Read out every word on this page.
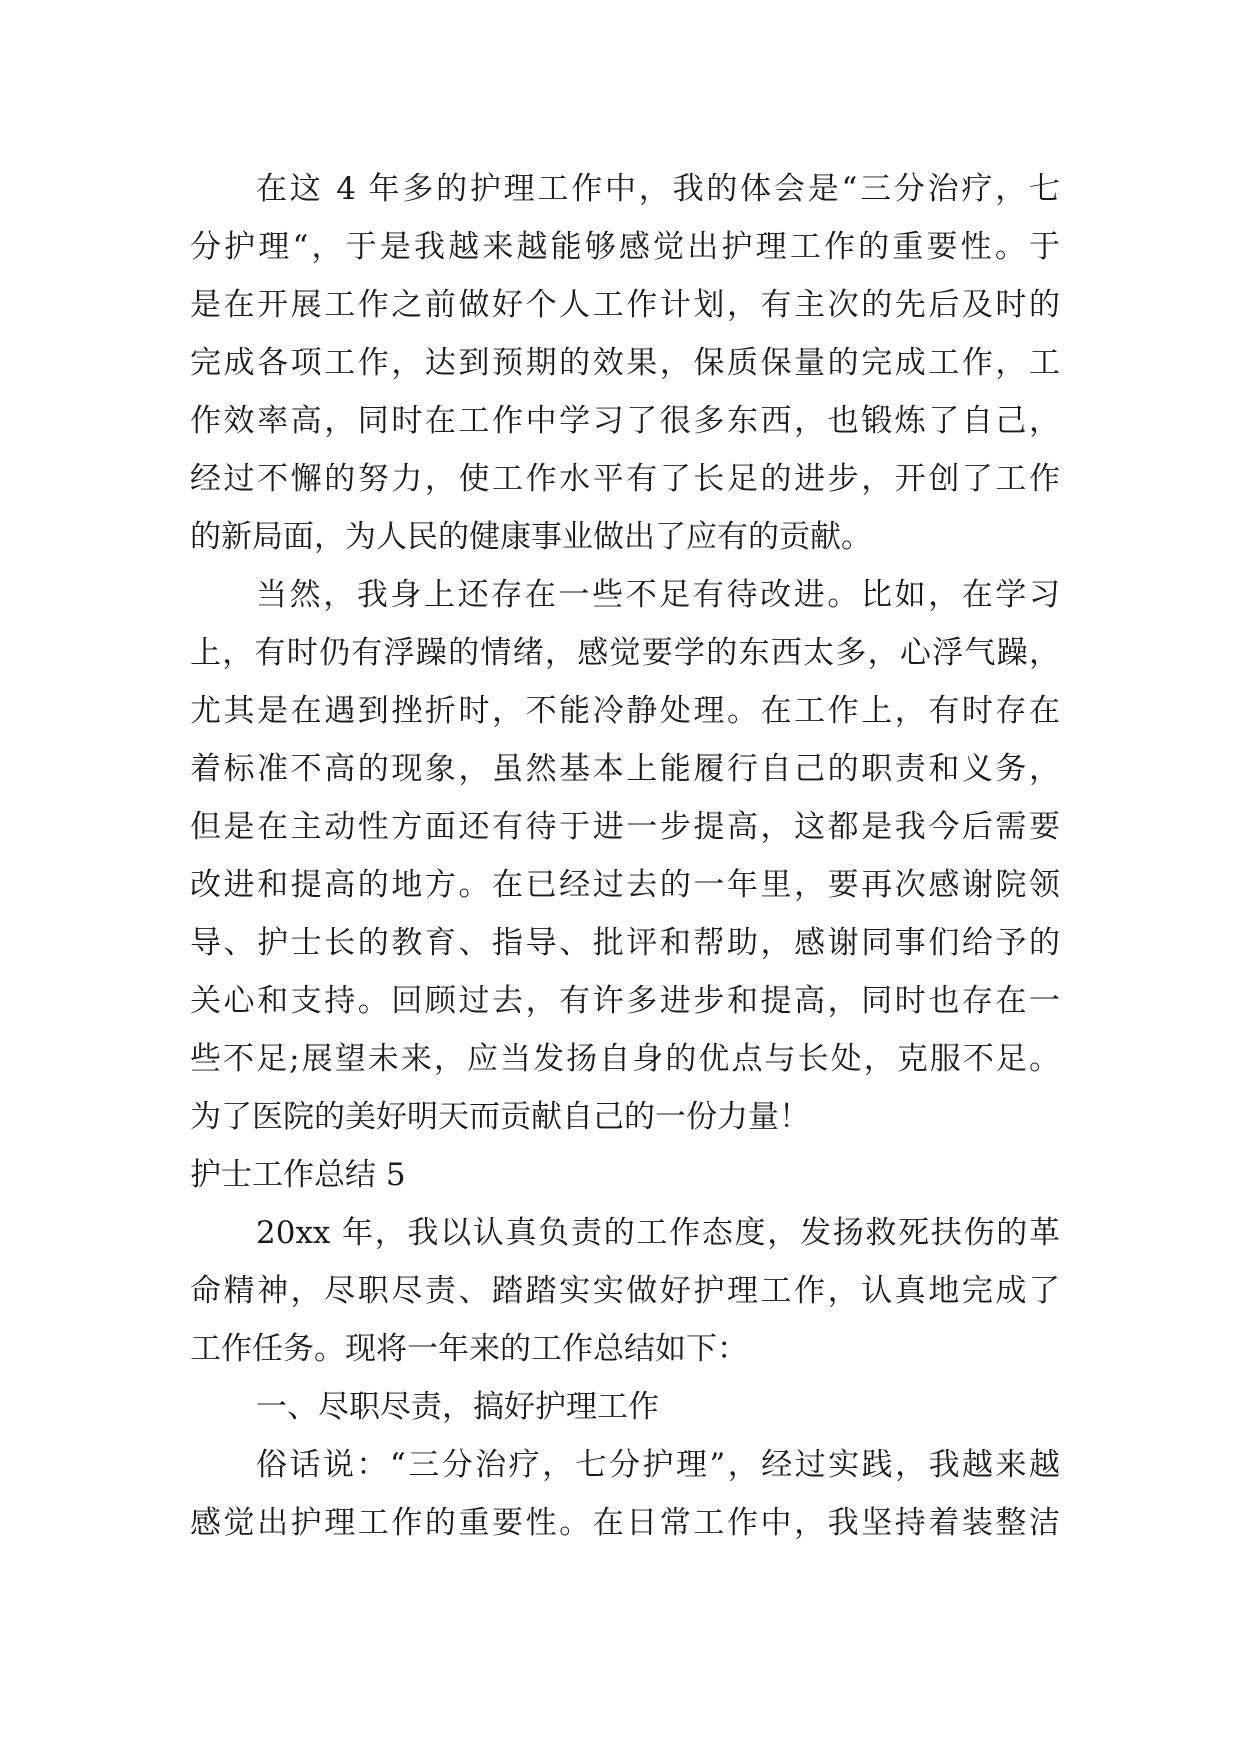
在这 4 年多的护理工作中，我的体会是“三分治疗，七
分护理“，于是我越来越能够感觉出护理工作的重要性。于
是在开展工作之前做好个人工作计划，有主次的先后及时的
完成各项工作，达到预期的效果，保质保量的完成工作，工
作效率高，同时在工作中学习了很多东西，也锻炼了自己，
经过不懈的努力，使工作水平有了长足的进步，开创了工作
的新局面，为人民的健康事业做出了应有的贡献。
当然，我身上还存在一些不足有待改进。比如，在学习
上，有时仍有浮躁的情绪，感觉要学的东西太多，心浮气躁，
尤其是在遇到挫折时，不能冷静处理。在工作上，有时存在
着标准不高的现象，虽然基本上能履行自己的职责和义务，
但是在主动性方面还有待于进一步提高，这都是我今后需要
改进和提高的地方。在已经过去的一年里，要再次感谢院领
导、护士长的教育、指导、批评和帮助，感谢同事们给予的
关心和支持。回顾过去，有许多进步和提高，同时也存在一
些不足;展望未来，应当发扬自身的优点与长处，克服不足。
为了医院的美好明天而贡献自己的一份力量！
护士工作总结 5
20xx 年，我以认真负责的工作态度，发扬救死扶伤的革
命精神，尽职尽责、踏踏实实做好护理工作，认真地完成了
工作任务。现将一年来的工作总结如下：
一、尽职尽责，搞好护理工作
俗话说：“三分治疗，七分护理”，经过实践，我越来越
感觉出护理工作的重要性。在日常工作中，我坚持着装整洁
